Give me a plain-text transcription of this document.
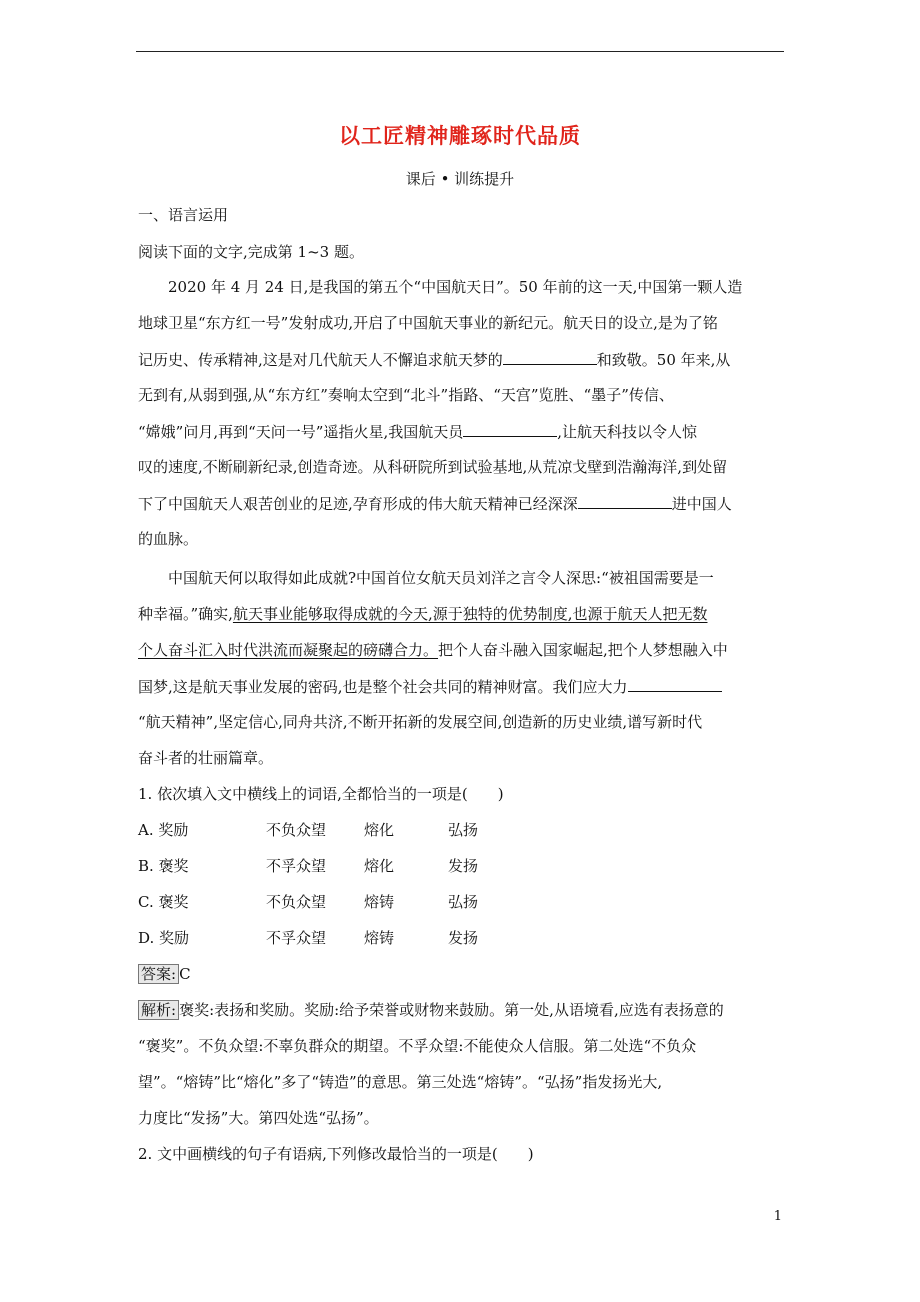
以工匠精神雕琢时代品质
课后 • 训练提升
一、语言运用
阅读下面的文字,完成第 1~3 题。
2020 年 4 月 24 日,是我国的第五个“中国航天日”。50 年前的这一天,中国第一颗人造
地球卫星“东方红一号”发射成功,开启了中国航天事业的新纪元。航天日的设立,是为了铭
记历史、传承精神,这是对几代航天人不懈追求航天梦的	和致敬。50 年来,从
无到有,从弱到强,从“东方红”奏响太空到“北斗”指路、“天宫”览胜、“墨子”传信、
“嫦娥”问月,再到“天问一号”遥指火星,我国航天员	,让航天科技以令人惊
叹的速度,不断刷新纪录,创造奇迹。从科研院所到试验基地,从荒凉戈壁到浩瀚海洋,到处留
下了中国航天人艰苦创业的足迹,孕育形成的伟大航天精神已经深深	进中国人
的血脉。
中国航天何以取得如此成就?中国首位女航天员刘洋之言令人深思:“被祖国需要是一
种幸福。”确实,航天事业能够取得成就的今天,源于独特的优势制度,也源于航天人把无数
个人奋斗汇入时代洪流而凝聚起的磅礴合力。把个人奋斗融入国家崛起,把个人梦想融入中
国梦,这是航天事业发展的密码,也是整个社会共同的精神财富。我们应大力
“航天精神”,坚定信心,同舟共济,不断开拓新的发展空间,创造新的历史业绩,谱写新时代
奋斗者的壮丽篇章。
1. 依次填入文中横线上的词语,全都恰当的一项是(　　)
A. 奖励	不负众望	熔化	弘扬
B. 褒奖	不孚众望	熔化	发扬
C. 褒奖	不负众望	熔铸	弘扬
D. 奖励	不孚众望	熔铸	发扬
答案: C
解析: 褒奖:表扬和奖励。奖励:给予荣誉或财物来鼓励。第一处,从语境看,应选有表扬意的
“褒奖”。不负众望:不辜负群众的期望。不孚众望:不能使众人信服。第二处选“不负众
望”。“熔铸”比“熔化”多了“铸造”的意思。第三处选“熔铸”。“弘扬”指发扬光大,
力度比“发扬”大。第四处选“弘扬”。
2. 文中画横线的句子有语病,下列修改最恰当的一项是(　　)
1
